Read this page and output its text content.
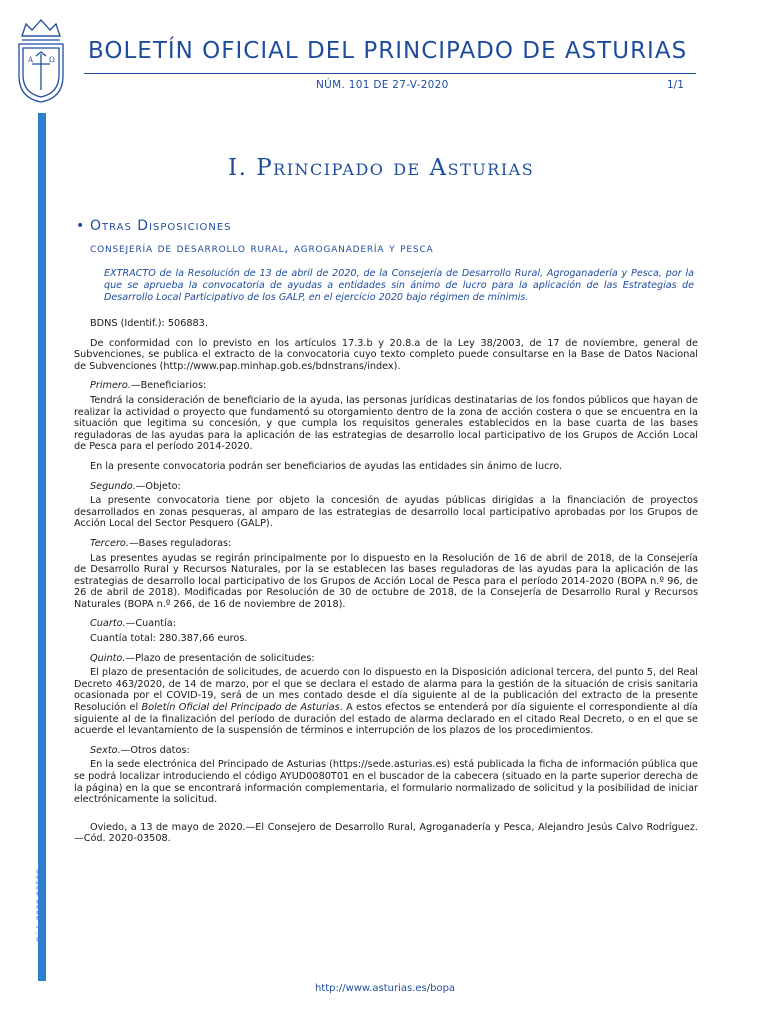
A Ω BOLETÍN OFICIAL DEL PRINCIPADO DE ASTURIAS
NÚM. 101 DE 27-V-2020	1/1
Cód. 2020-03508
I. Principado de Asturias
• Otras Disposiciones
consejería de desarrollo rural, agroganadería y pesca
EXTRACTO de la Resolución de 13 de abril de 2020, de la Consejería de Desarrollo Rural, Agroganadería y Pesca, por la que se aprueba la convocatoria de ayudas a entidades sin ánimo de lucro para la aplicación de las Estrategias de Desarrollo Local Participativo de los GALP, en el ejercicio 2020 bajo régimen de mínimis.

BDNS (Identif.): 506883.

De conformidad con lo previsto en los artículos 17.3.b y 20.8.a de la Ley 38/2003, de 17 de noviembre, general de Subvenciones, se publica el extracto de la convocatoria cuyo texto completo puede consultarse en la Base de Datos Nacional de Subvenciones (http://www.pap.minhap.gob.es/bdnstrans/index).

Primero.—Beneficiarios:

Tendrá la consideración de beneficiario de la ayuda, las personas jurídicas destinatarias de los fondos públicos que hayan de realizar la actividad o proyecto que fundamentó su otorgamiento dentro de la zona de acción costera o que se encuentra en la situación que legitima su concesión, y que cumpla los requisitos generales establecidos en la base cuarta de las bases reguladoras de las ayudas para la aplicación de las estrategias de desarrollo local participativo de los Grupos de Acción Local de Pesca para el período 2014-2020.

En la presente convocatoria podrán ser beneficiarios de ayudas las entidades sin ánimo de lucro.

Segundo.—Objeto:

La presente convocatoria tiene por objeto la concesión de ayudas públicas dirigidas a la financiación de proyectos desarrollados en zonas pesqueras, al amparo de las estrategias de desarrollo local participativo aprobadas por los Grupos de Acción Local del Sector Pesquero (GALP).

Tercero.—Bases reguladoras:

Las presentes ayudas se regirán principalmente por lo dispuesto en la Resolución de 16 de abril de 2018, de la Consejería de Desarrollo Rural y Recursos Naturales, por la se establecen las bases reguladoras de las ayudas para la aplicación de las estrategias de desarrollo local participativo de los Grupos de Acción Local de Pesca para el período 2014-2020 (BOPA n.º 96, de 26 de abril de 2018). Modificadas por Resolución de 30 de octubre de 2018, de la Consejería de Desarrollo Rural y Recursos Naturales (BOPA n.º 266, de 16 de noviembre de 2018).

Cuarto.—Cuantía:

Cuantía total: 280.387,66 euros.

Quinto.—Plazo de presentación de solicitudes:

El plazo de presentación de solicitudes, de acuerdo con lo dispuesto en la Disposición adicional tercera, del punto 5, del Real Decreto 463/2020, de 14 de marzo, por el que se declara el estado de alarma para la gestión de la situación de crisis sanitaria ocasionada por el COVID-19, será de un mes contado desde el día siguiente al de la publicación del extracto de la presente Resolución el Boletín Oficial del Principado de Asturias. A estos efectos se entenderá por día siguiente el correspondiente al día siguiente al de la finalización del período de duración del estado de alarma declarado en el citado Real Decreto, o en el que se acuerde el levantamiento de la suspensión de términos e interrupción de los plazos de los procedimientos.

Sexto.—Otros datos:

En la sede electrónica del Principado de Asturias (https://sede.asturias.es) está publicada la ficha de información pública que se podrá localizar introduciendo el código AYUD0080T01 en el buscador de la cabecera (situado en la parte superior derecha de la página) en la que se encontrará información complementaria, el formulario normalizado de solicitud y la posibilidad de iniciar electrónicamente la solicitud.

Oviedo, a 13 de mayo de 2020.—El Consejero de Desarrollo Rural, Agroganadería y Pesca, Alejandro Jesús Calvo Rodríguez.—Cód. 2020-03508.

http://www.asturias.es/bopa
